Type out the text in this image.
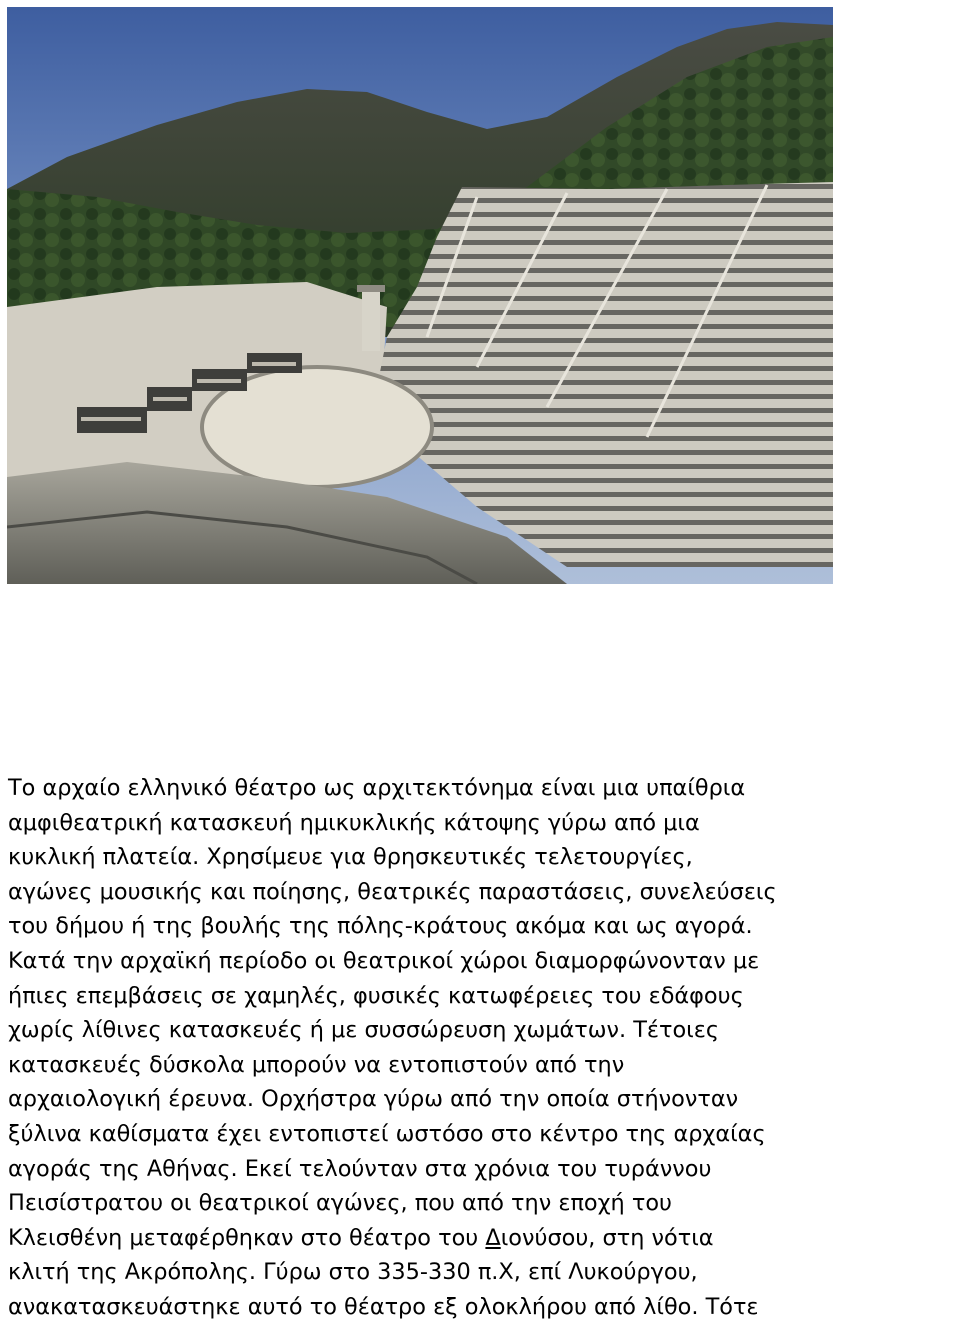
Το αρχαίο ελληνικό θέατρο ως αρχιτεκτόνημα είναι μια υπαίθρια
αμφιθεατρική κατασκευή ημικυκλικής κάτοψης γύρω από μια
κυκλική πλατεία. Χρησίμευε για θρησκευτικές τελετουργίες,
αγώνες μουσικής και ποίησης, θεατρικές παραστάσεις, συνελεύσεις
του δήμου ή της βουλής της πόλης-κράτους ακόμα και ως αγορά.
Κατά την αρχαϊκή περίοδο οι θεατρικοί χώροι διαμορφώνονταν με
ήπιες επεμβάσεις σε χαμηλές, φυσικές κατωφέρειες του εδάφους
χωρίς λίθινες κατασκευές ή με συσσώρευση χωμάτων. Τέτοιες
κατασκευές δύσκολα μπορούν να εντοπιστούν από την
αρχαιολογική έρευνα. Ορχήστρα γύρω από την οποία στήνονταν
ξύλινα καθίσματα έχει εντοπιστεί ωστόσο στο κέντρο της αρχαίας
αγοράς της Αθήνας. Εκεί τελούνταν στα χρόνια του τυράννου
Πεισίστρατου οι θεατρικοί αγώνες, που από την εποχή του
Κλεισθένη μεταφέρθηκαν στο θέατρο του Διονύσου, στη νότια
κλιτή της Ακρόπολης. Γύρω στο 335-330 π.Χ, επί Λυκούργου,
ανακατασκευάστηκε αυτό το θέατρο εξ ολοκλήρου από λίθο. Τότε
